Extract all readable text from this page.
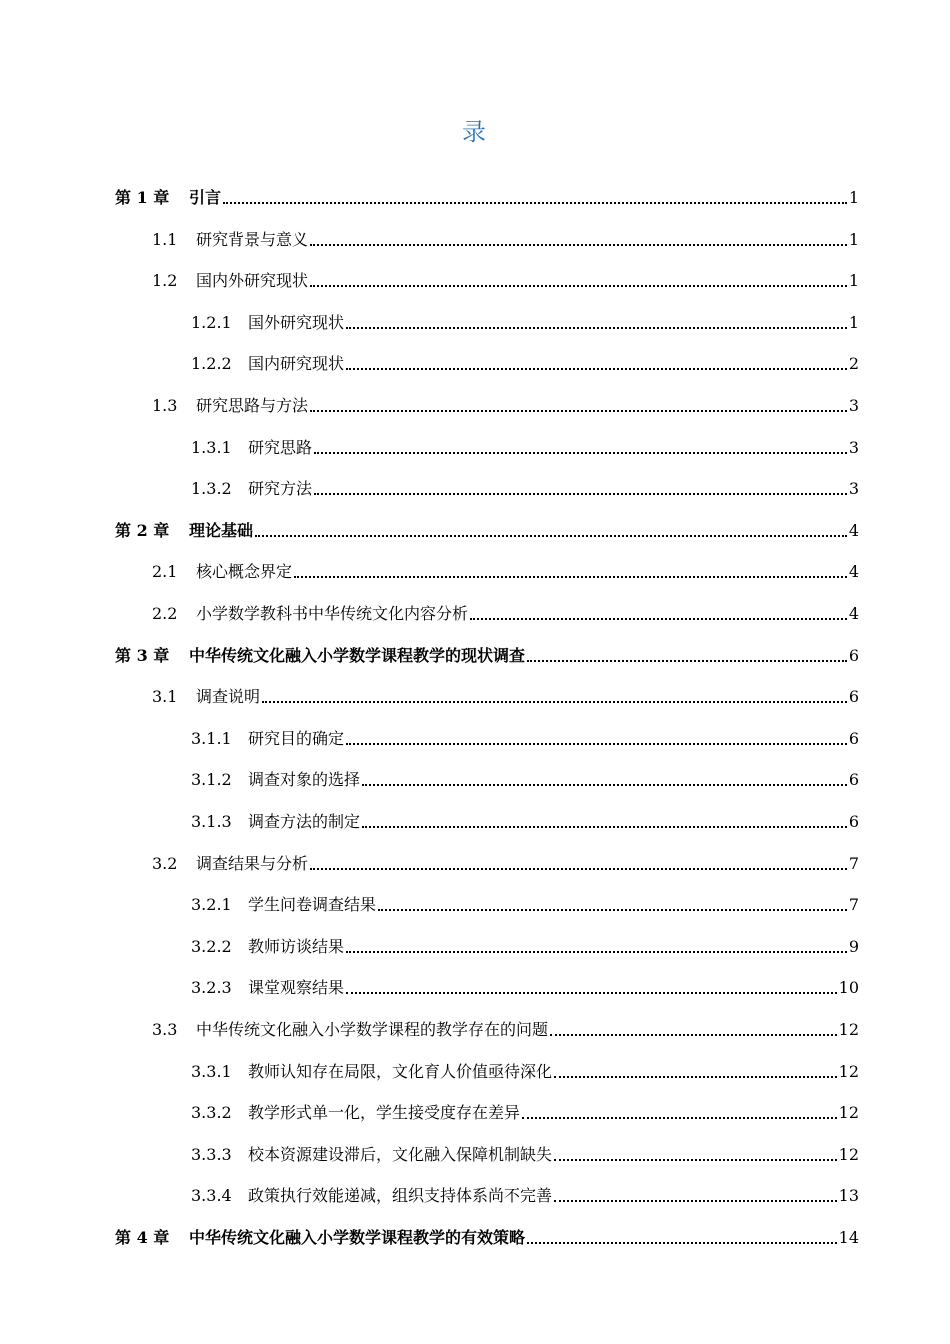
录
第 1 章	引言	1
1.1	研究背景与意义	1
1.2	国内外研究现状	1
1.2.1	国外研究现状	1
1.2.2	国内研究现状	2
1.3	研究思路与方法	3
1.3.1	研究思路	3
1.3.2	研究方法	3
第 2 章	理论基础	4
2.1	核心概念界定	4
2.2	小学数学教科书中华传统文化内容分析	4
第 3 章	中华传统文化融入小学数学课程教学的现状调查	6
3.1	调查说明	6
3.1.1	研究目的确定	6
3.1.2	调查对象的选择	6
3.1.3	调查方法的制定	6
3.2	调查结果与分析	7
3.2.1	学生问卷调查结果	7
3.2.2	教师访谈结果	9
3.2.3	课堂观察结果	10
3.3	中华传统文化融入小学数学课程的教学存在的问题	12
3.3.1	教师认知存在局限，文化育人价值亟待深化	12
3.3.2	教学形式单一化，学生接受度存在差异	12
3.3.3	校本资源建设滞后，文化融入保障机制缺失	12
3.3.4	政策执行效能递减，组织支持体系尚不完善	13
第 4 章	中华传统文化融入小学数学课程教学的有效策略	14
